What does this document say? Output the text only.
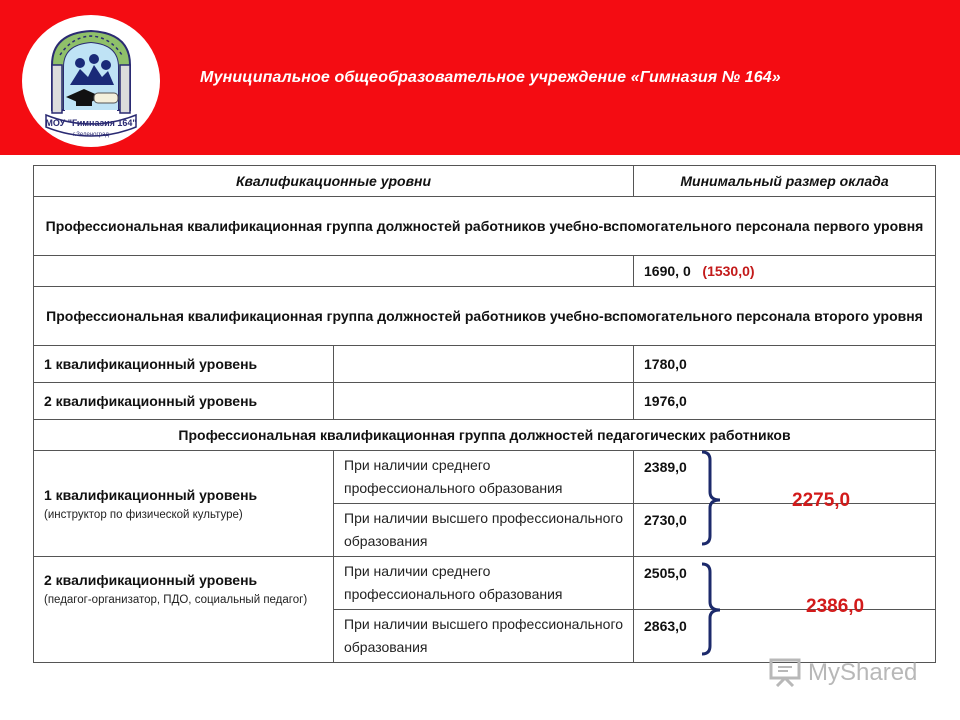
МОУ "Гимназия 164"
г.Зеленоград
Муниципальное общеобразовательное учреждение «Гимназия № 164»
Квалификационные уровни		Минимальный размер оклада
Профессиональная квалификационная группа должностей работников учебно-вспомогательного персонала первого уровня		
		1690, 0 (1530,0)
Профессиональная квалификационная группа должностей работников учебно-вспомогательного персонала второго уровня		
1 квалификационный уровень		1780,0
2 квалификационный уровень		1976,0
Профессиональная квалификационная группа должностей педагогических работников		
1 квалификационный уровень
(инструктор по физической культуре)	При наличии среднего профессионального образования	2389,0
	При наличии высшего профессионального образования	2730,0
2 квалификационный уровень
(педагог-организатор, ПДО, социальный педагог)	При наличии среднего профессионального образования	2505,0
	При наличии высшего профессионального образования	2863,0
2275,0
2386,0
MyShared
